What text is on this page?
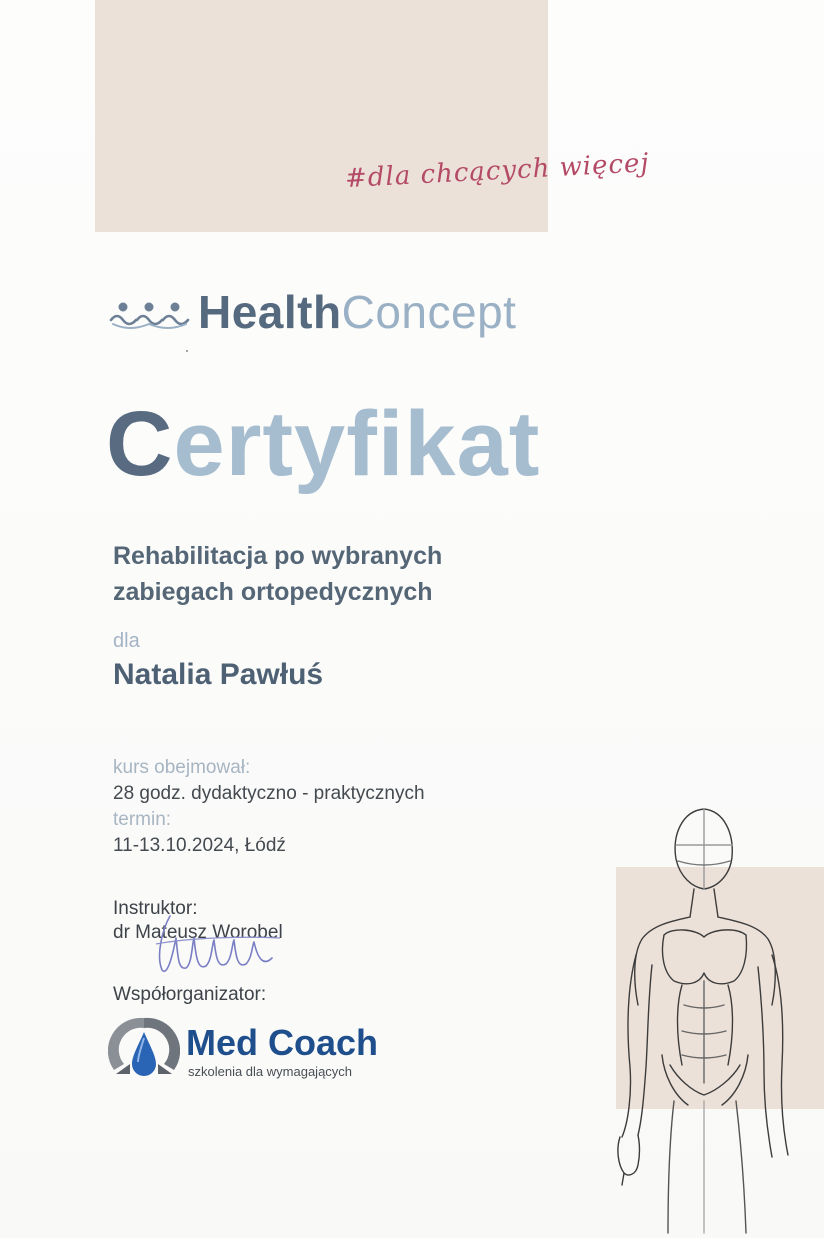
#dla chcących więcej
HealthConcept
Certyfikat
Rehabilitacja po wybranych
zabiegach ortopedycznych
dla
Natalia Pawłuś
kurs obejmował:
28 godz. dydaktyczno - praktycznych
termin:
11-13.10.2024, Łódź
Instruktor:
dr Mateusz Worobel
Współorganizator:
Med Coach
szkolenia dla wymagających
